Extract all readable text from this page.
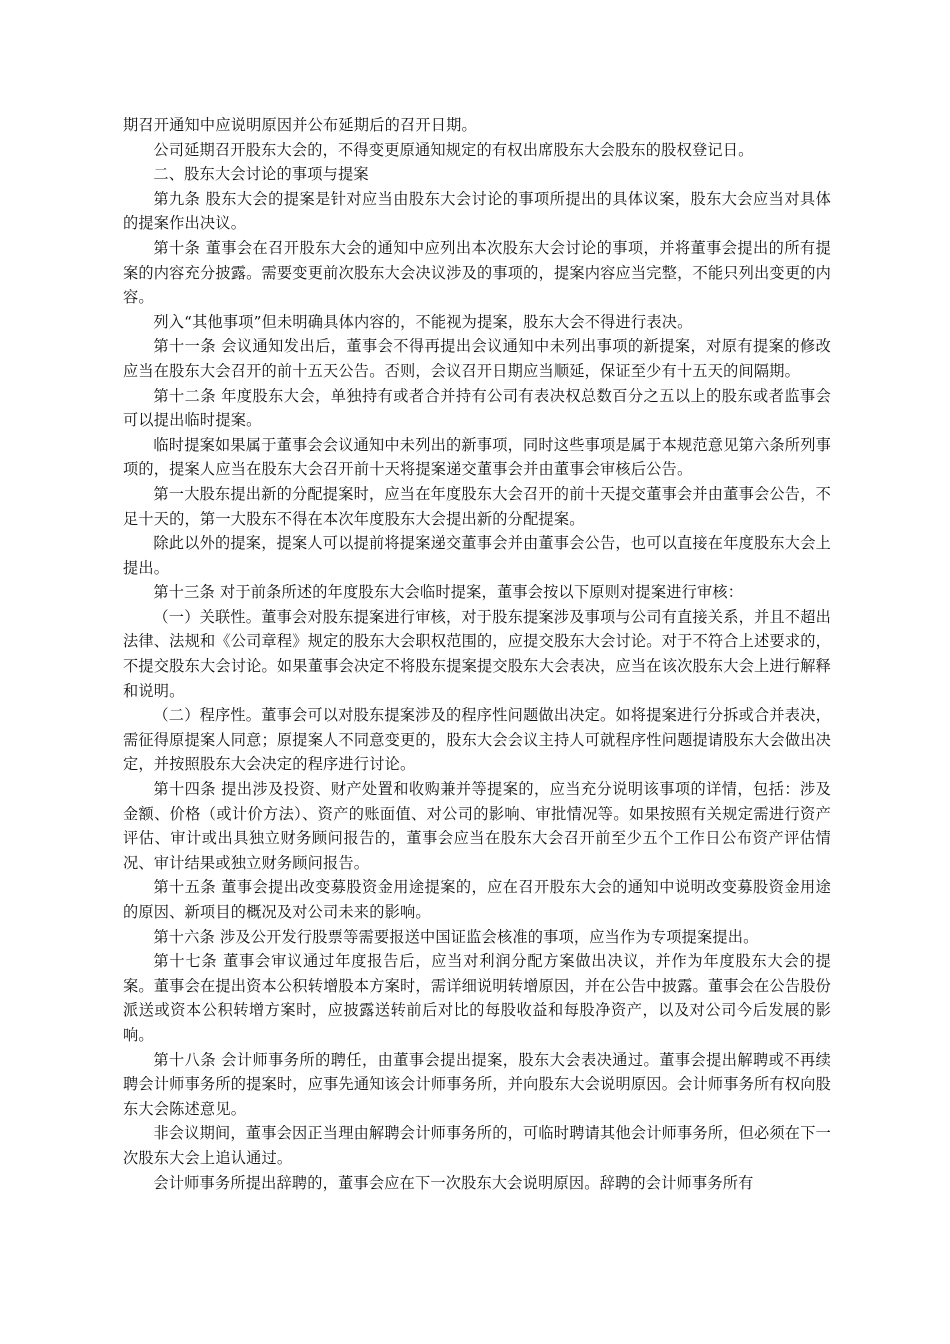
期召开通知中应说明原因并公布延期后的召开日期。

公司延期召开股东大会的，不得变更原通知规定的有权出席股东大会股东的股权登记日。

二、股东大会讨论的事项与提案

第九条 股东大会的提案是针对应当由股东大会讨论的事项所提出的具体议案，股东大会应当对具体的提案作出决议。

第十条 董事会在召开股东大会的通知中应列出本次股东大会讨论的事项，并将董事会提出的所有提案的内容充分披露。需要变更前次股东大会决议涉及的事项的，提案内容应当完整，不能只列出变更的内容。

列入“其他事项”但未明确具体内容的，不能视为提案，股东大会不得进行表决。

第十一条 会议通知发出后，董事会不得再提出会议通知中未列出事项的新提案，对原有提案的修改应当在股东大会召开的前十五天公告。否则，会议召开日期应当顺延，保证至少有十五天的间隔期。

第十二条 年度股东大会，单独持有或者合并持有公司有表决权总数百分之五以上的股东或者监事会可以提出临时提案。

临时提案如果属于董事会会议通知中未列出的新事项，同时这些事项是属于本规范意见第六条所列事项的，提案人应当在股东大会召开前十天将提案递交董事会并由董事会审核后公告。

第一大股东提出新的分配提案时，应当在年度股东大会召开的前十天提交董事会并由董事会公告，不足十天的，第一大股东不得在本次年度股东大会提出新的分配提案。

除此以外的提案，提案人可以提前将提案递交董事会并由董事会公告，也可以直接在年度股东大会上提出。

第十三条 对于前条所述的年度股东大会临时提案，董事会按以下原则对提案进行审核：

（一）关联性。董事会对股东提案进行审核，对于股东提案涉及事项与公司有直接关系，并且不超出法律、法规和《公司章程》规定的股东大会职权范围的，应提交股东大会讨论。对于不符合上述要求的，不提交股东大会讨论。如果董事会决定不将股东提案提交股东大会表决，应当在该次股东大会上进行解释和说明。

（二）程序性。董事会可以对股东提案涉及的程序性问题做出决定。如将提案进行分拆或合并表决，需征得原提案人同意；原提案人不同意变更的，股东大会会议主持人可就程序性问题提请股东大会做出决定，并按照股东大会决定的程序进行讨论。

第十四条 提出涉及投资、财产处置和收购兼并等提案的，应当充分说明该事项的详情，包括：涉及金额、价格（或计价方法）、资产的账面值、对公司的影响、审批情况等。如果按照有关规定需进行资产评估、审计或出具独立财务顾问报告的，董事会应当在股东大会召开前至少五个工作日公布资产评估情况、审计结果或独立财务顾问报告。

第十五条 董事会提出改变募股资金用途提案的，应在召开股东大会的通知中说明改变募股资金用途的原因、新项目的概况及对公司未来的影响。

第十六条 涉及公开发行股票等需要报送中国证监会核准的事项，应当作为专项提案提出。

第十七条 董事会审议通过年度报告后，应当对利润分配方案做出决议，并作为年度股东大会的提案。董事会在提出资本公积转增股本方案时，需详细说明转增原因，并在公告中披露。董事会在公告股份派送或资本公积转增方案时，应披露送转前后对比的每股收益和每股净资产，以及对公司今后发展的影响。

第十八条 会计师事务所的聘任，由董事会提出提案，股东大会表决通过。董事会提出解聘或不再续聘会计师事务所的提案时，应事先通知该会计师事务所，并向股东大会说明原因。会计师事务所有权向股东大会陈述意见。

非会议期间，董事会因正当理由解聘会计师事务所的，可临时聘请其他会计师事务所，但必须在下一次股东大会上追认通过。

会计师事务所提出辞聘的，董事会应在下一次股东大会说明原因。辞聘的会计师事务所有
